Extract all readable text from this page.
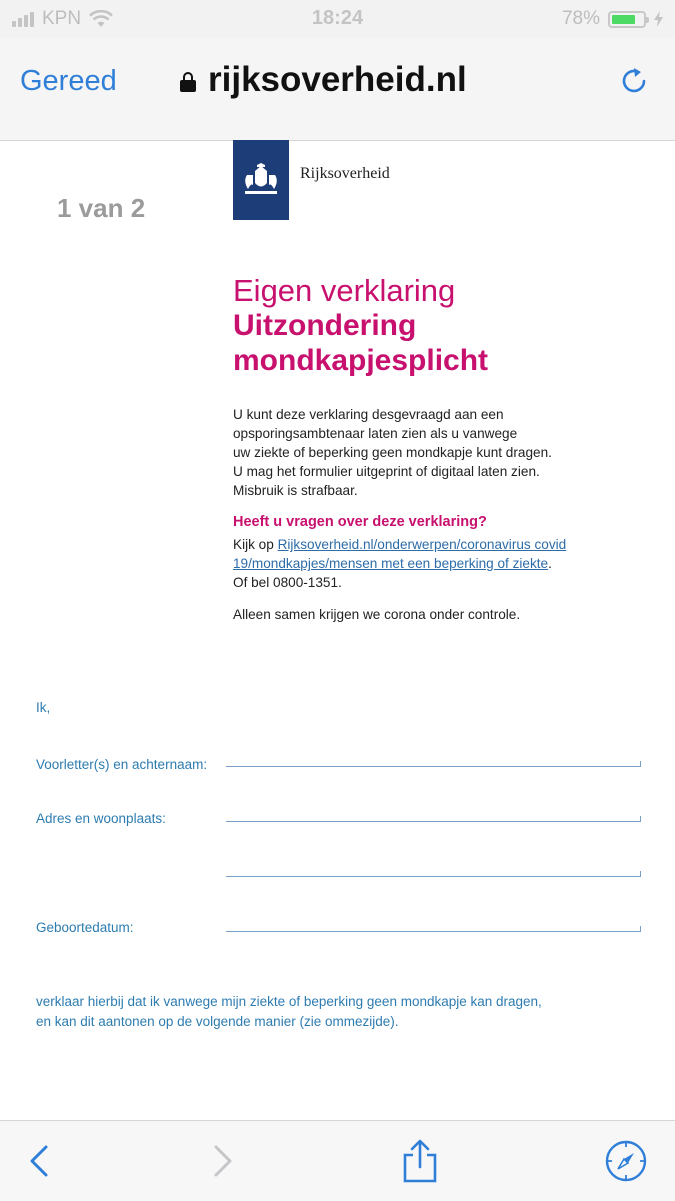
KPN	18:24	78%
Gereed	rijksoverheid.nl
1 van 2
Rijksoverheid
Eigen verklaring
Uitzondering
mondkapjesplicht
U kunt deze verklaring desgevraagd aan een
opsporingsambtenaar laten zien als u vanwege
uw ziekte of beperking geen mondkapje kunt dragen.
U mag het formulier uitgeprint of digitaal laten zien.
Misbruik is strafbaar.
Heeft u vragen over deze verklaring?
Kijk op Rijksoverheid.nl/onderwerpen/coronavirus covid
19/mondkapjes/mensen met een beperking of ziekte.
Of bel 0800-1351.
Alleen samen krijgen we corona onder controle.
Ik,
Voorletter(s) en achternaam:
Adres en woonplaats:
Geboortedatum:
verklaar hierbij dat ik vanwege mijn ziekte of beperking geen mondkapje kan dragen,
en kan dit aantonen op de volgende manier (zie ommezijde).
